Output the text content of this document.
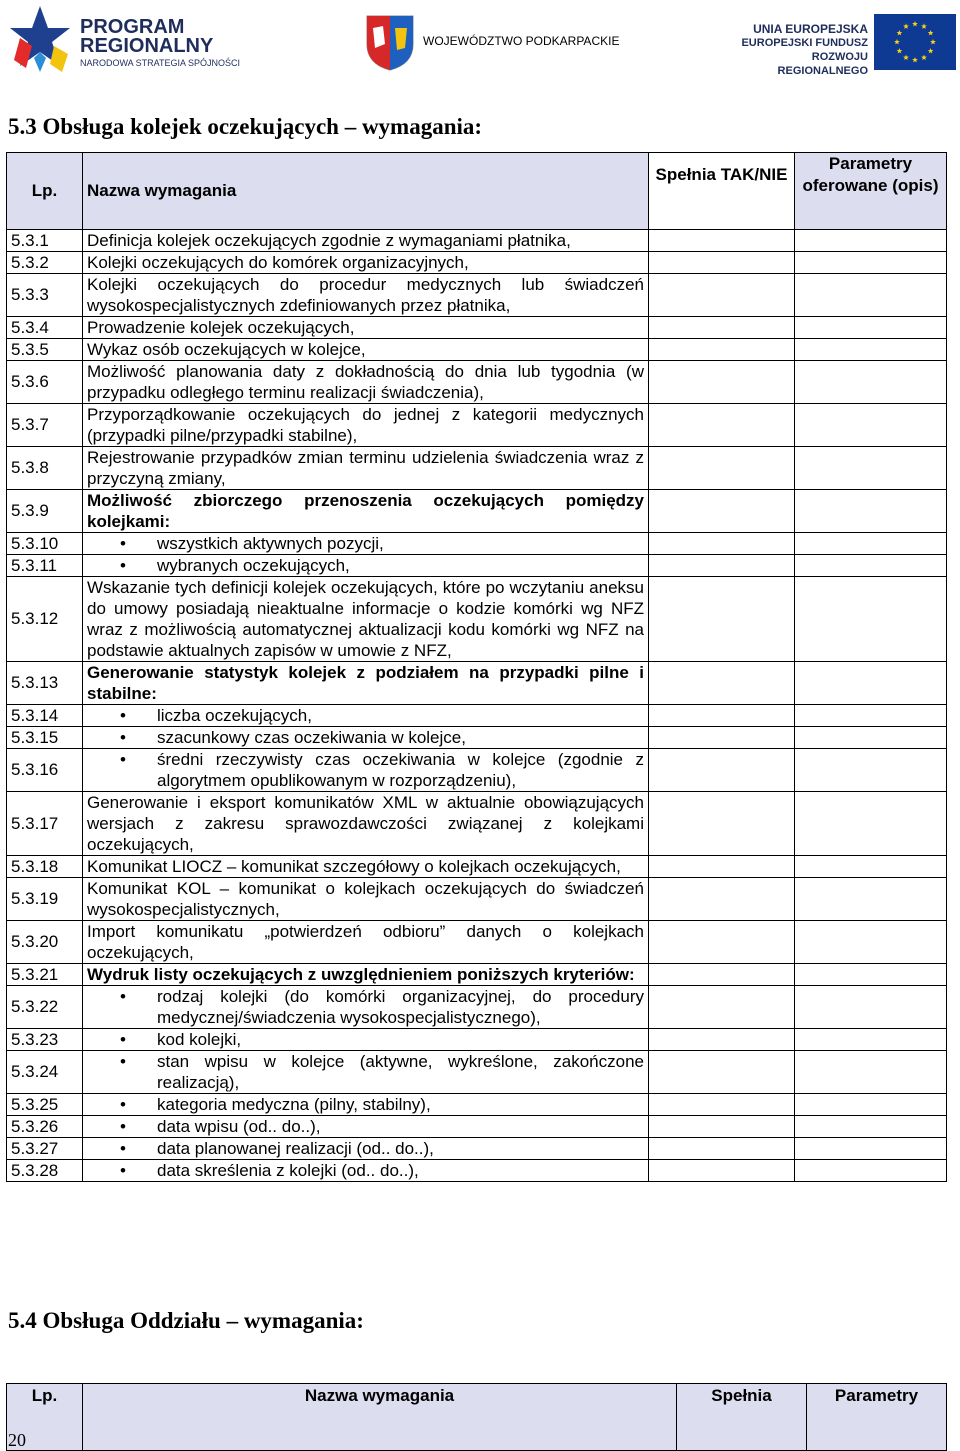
PROGRAM
REGIONALNY
NARODOWA STRATEGIA SPÓJNOŚCI
WOJEWÓDZTWO PODKARPACKIE
UNIA EUROPEJSKA
EUROPEJSKI FUNDUSZ
ROZWOJU REGIONALNEGO
5.3 Obsługa kolejek oczekujących – wymagania:
Lp.	Nazwa wymagania	Spełnia TAK/NIE	Parametry oferowane (opis)
5.3.1	Definicja kolejek oczekujących zgodnie z wymaganiami płatnika,		
5.3.2	Kolejki oczekujących do komórek organizacyjnych,		
5.3.3	Kolejki oczekujących do procedur medycznych lub świadczeń wysokospecjalistycznych zdefiniowanych przez płatnika,		
5.3.4	Prowadzenie kolejek oczekujących,		
5.3.5	Wykaz osób oczekujących w kolejce,		
5.3.6	Możliwość planowania daty z dokładnością do dnia lub tygodnia (w przypadku odległego terminu realizacji świadczenia),		
5.3.7	Przyporządkowanie oczekujących do jednej z kategorii medycznych (przypadki pilne/przypadki stabilne),		
5.3.8	Rejestrowanie przypadków zmian terminu udzielenia świadczenia wraz z przyczyną zmiany,		
5.3.9	Możliwość zbiorczego przenoszenia oczekujących pomiędzy kolejkami:		
5.3.10	• wszystkich aktywnych pozycji,

5.3.11	• wybranych oczekujących,

5.3.12	Wskazanie tych definicji kolejek oczekujących, które po wczytaniu aneksu do umowy posiadają nieaktualne informacje o kodzie komórki wg NFZ wraz z możliwością automatycznej aktualizacji kodu komórki wg NFZ na podstawie aktualnych zapisów w umowie z NFZ,		
5.3.13	Generowanie statystyk kolejek z podziałem na przypadki pilne i stabilne:		
5.3.14	• liczba oczekujących,

5.3.15	• szacunkowy czas oczekiwania w kolejce,

5.3.16	• średni rzeczywisty czas oczekiwania w kolejce (zgodnie z algorytmem opublikowanym w rozporządzeniu),

5.3.17	Generowanie i eksport komunikatów XML w aktualnie obowiązujących wersjach z zakresu sprawozdawczości związanej z kolejkami oczekujących,		
5.3.18	Komunikat LIOCZ – komunikat szczegółowy o kolejkach oczekujących,		
5.3.19	Komunikat KOL – komunikat o kolejkach oczekujących do świadczeń wysokospecjalistycznych,		
5.3.20	Import komunikatu „potwierdzeń odbioru” danych o kolejkach oczekujących,		
5.3.21	Wydruk listy oczekujących z uwzględnieniem poniższych kryteriów:		
5.3.22	• rodzaj kolejki (do komórki organizacyjnej, do procedury medycznej/świadczenia wysokospecjalistycznego),

5.3.23	• kod kolejki,

5.3.24	• stan wpisu w kolejce (aktywne, wykreślone, zakończone realizacją),

5.3.25	• kategoria medyczna (pilny, stabilny),

5.3.26	• data wpisu (od.. do..),

5.3.27	• data planowanej realizacji (od.. do..),

5.3.28	• data skreślenia z kolejki (od.. do..),

5.4 Obsługa Oddziału – wymagania:
Lp.	Nazwa wymagania	Spełnia	Parametry
20
